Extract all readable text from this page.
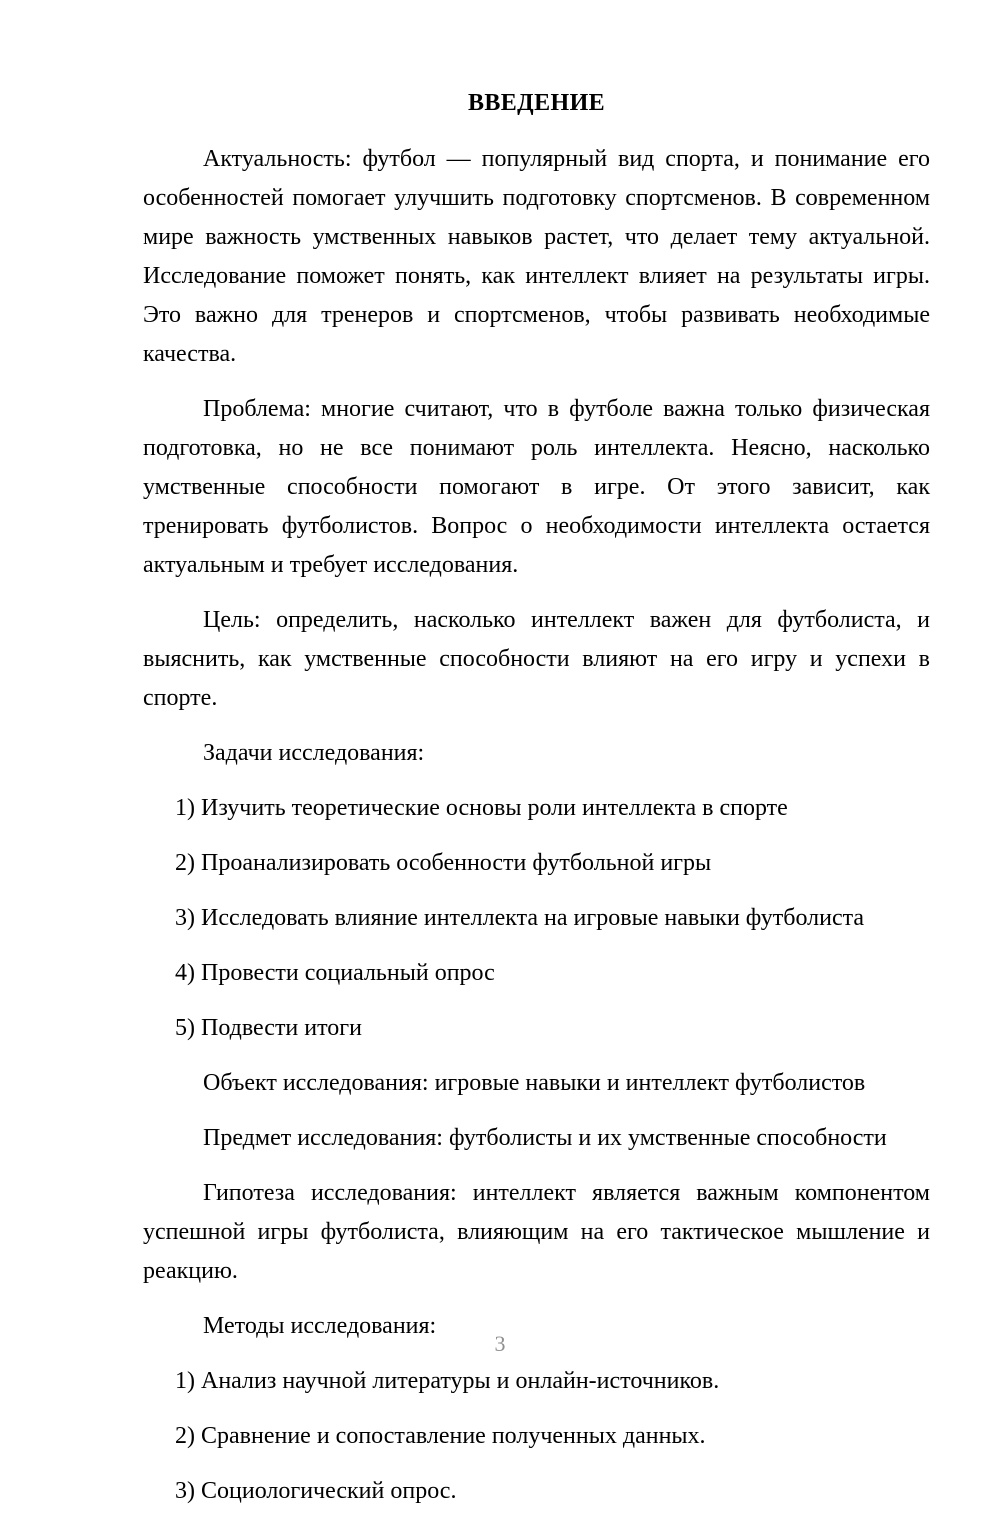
ВВЕДЕНИЕ

Актуальность: футбол — популярный вид спорта, и понимание его особенностей помогает улучшить подготовку спортсменов. В современном мире важность умственных навыков растет, что делает тему актуальной. Исследование поможет понять, как интеллект влияет на результаты игры. Это важно для тренеров и спортсменов, чтобы развивать необходимые качества.

Проблема: многие считают, что в футболе важна только физическая подготовка, но не все понимают роль интеллекта. Неясно, насколько умственные способности помогают в игре. От этого зависит, как тренировать футболистов. Вопрос о необходимости интеллекта остается актуальным и требует исследования.

Цель: определить, насколько интеллект важен для футболиста, и выяснить, как умственные способности влияют на его игру и успехи в спорте.

Задачи исследования:

1) Изучить теоретические основы роли интеллекта в спорте

2) Проанализировать особенности футбольной игры

3) Исследовать влияние интеллекта на игровые навыки футболиста

4) Провести социальный опрос

5) Подвести итоги

Объект исследования: игровые навыки и интеллект футболистов

Предмет исследования: футболисты и их умственные способности

Гипотеза исследования: интеллект является важным компонентом успешной игры футболиста, влияющим на его тактическое мышление и реакцию.

Методы исследования:

1) Анализ научной литературы и онлайн-источников.

2) Сравнение и сопоставление полученных данных.

3) Социологический опрос.

3
